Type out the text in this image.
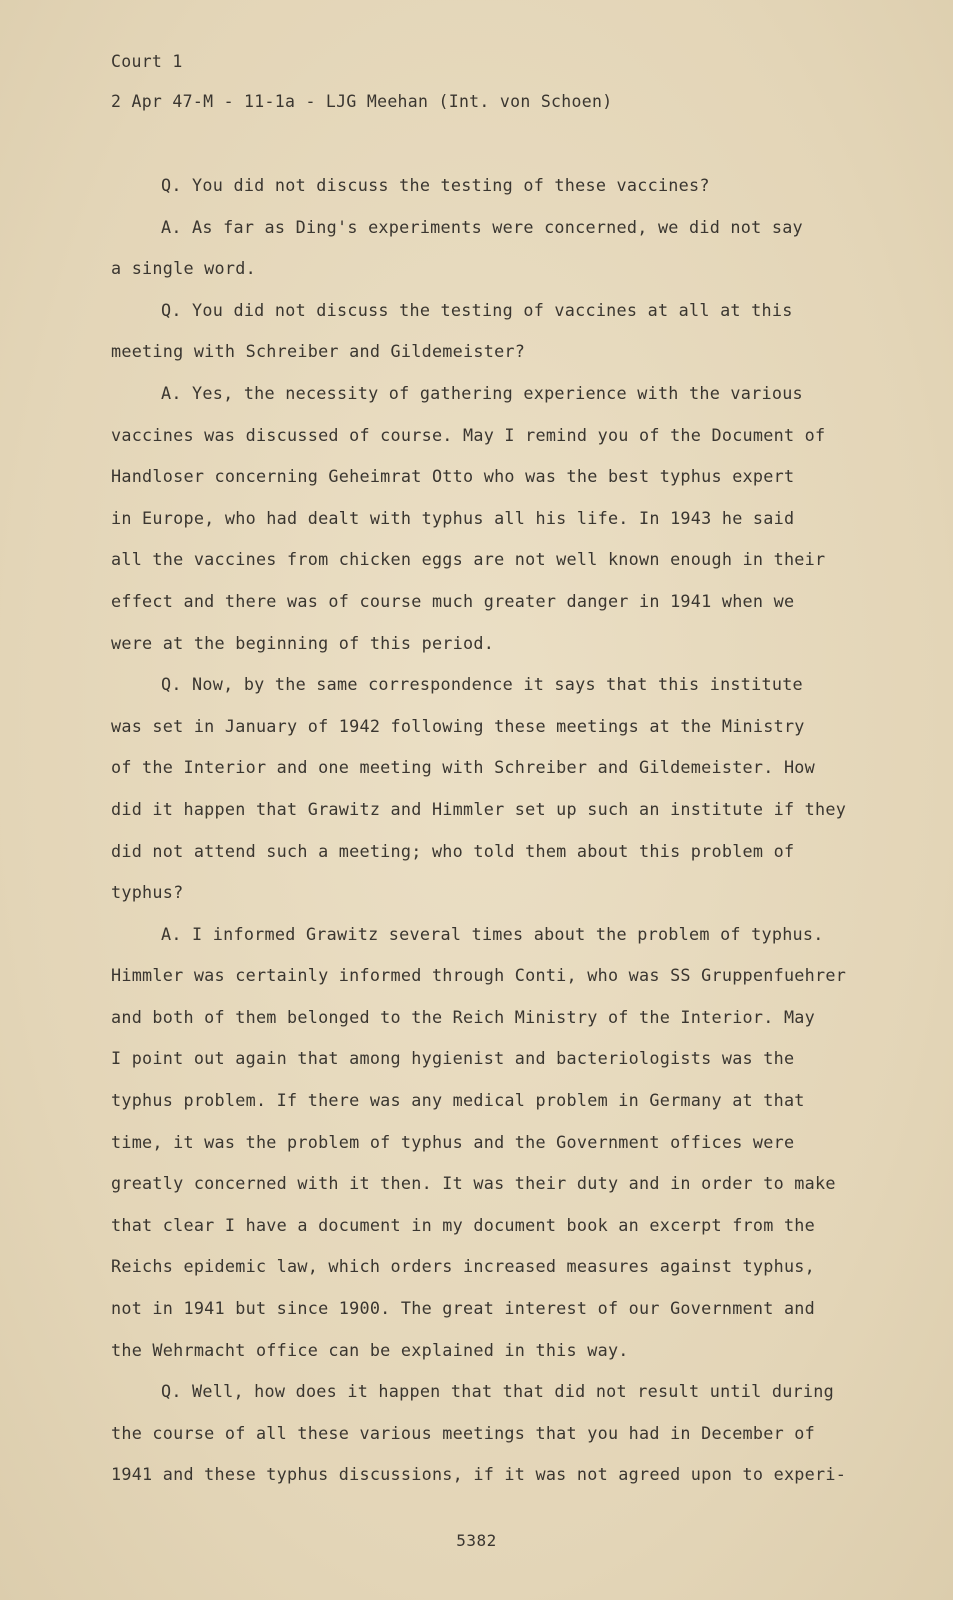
Court 1
2 Apr 47-M - 11-1a - LJG Meehan (Int. von Schoen)
Q. You did not discuss the testing of these vaccines?
A. As far as Ding's experiments were concerned, we did not say
a single word.
Q. You did not discuss the testing of vaccines at all at this
meeting with Schreiber and Gildemeister?
A. Yes, the necessity of gathering experience with the various
vaccines was discussed of course. May I remind you of the Document of
Handloser concerning Geheimrat Otto who was the best typhus expert
in Europe, who had dealt with typhus all his life. In 1943 he said
all the vaccines from chicken eggs are not well known enough in their
effect and there was of course much greater danger in 1941 when we
were at the beginning of this period.
Q. Now, by the same correspondence it says that this institute
was set in January of 1942 following these meetings at the Ministry
of the Interior and one meeting with Schreiber and Gildemeister. How
did it happen that Grawitz and Himmler set up such an institute if they
did not attend such a meeting; who told them about this problem of
typhus?
A. I informed Grawitz several times about the problem of typhus.
Himmler was certainly informed through Conti, who was SS Gruppenfuehrer
and both of them belonged to the Reich Ministry of the Interior. May
I point out again that among hygienist and bacteriologists was the
typhus problem. If there was any medical problem in Germany at that
time, it was the problem of typhus and the Government offices were
greatly concerned with it then. It was their duty and in order to make
that clear I have a document in my document book an excerpt from the
Reichs epidemic law, which orders increased measures against typhus,
not in 1941 but since 1900. The great interest of our Government and
the Wehrmacht office can be explained in this way.
Q. Well, how does it happen that that did not result until during
the course of all these various meetings that you had in December of
1941 and these typhus discussions, if it was not agreed upon to experi-
5382
